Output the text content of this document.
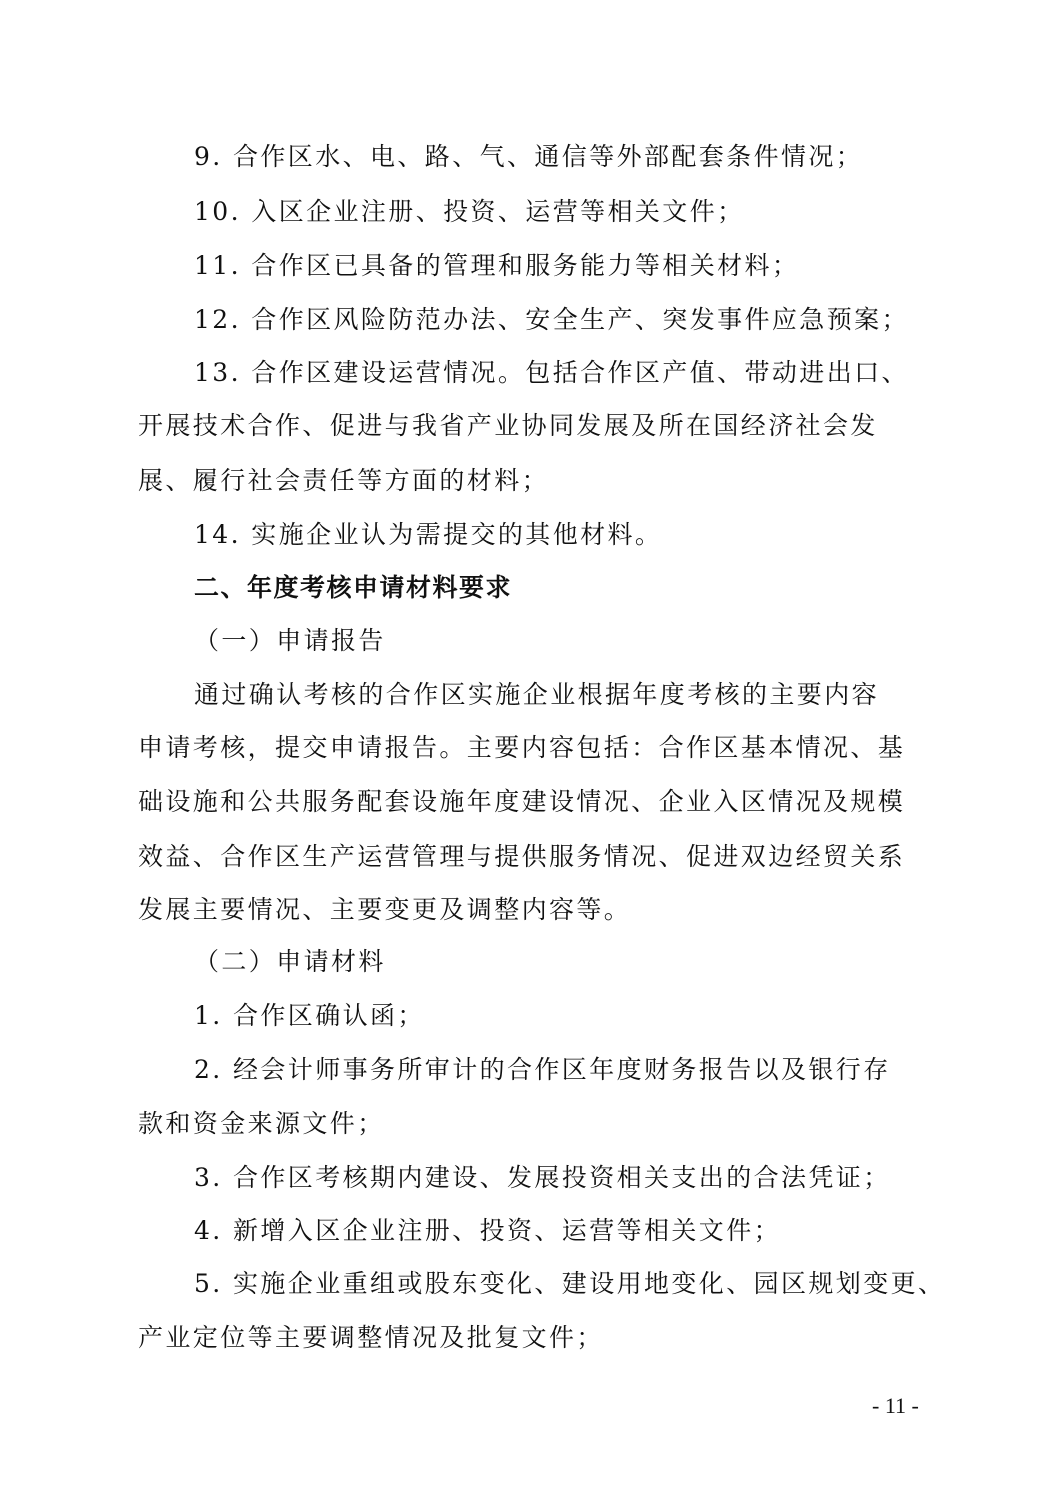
9. 合作区水、电、路、气、通信等外部配套条件情况；
10. 入区企业注册、投资、运营等相关文件；
11. 合作区已具备的管理和服务能力等相关材料；
12. 合作区风险防范办法、安全生产、突发事件应急预案；
13. 合作区建设运营情况。包括合作区产值、带动进出口、
开展技术合作、促进与我省产业协同发展及所在国经济社会发
展、履行社会责任等方面的材料；
14. 实施企业认为需提交的其他材料。
二、年度考核申请材料要求
（一）申请报告
通过确认考核的合作区实施企业根据年度考核的主要内容
申请考核，提交申请报告。主要内容包括：合作区基本情况、基
础设施和公共服务配套设施年度建设情况、企业入区情况及规模
效益、合作区生产运营管理与提供服务情况、促进双边经贸关系
发展主要情况、主要变更及调整内容等。
（二）申请材料
1. 合作区确认函；
2. 经会计师事务所审计的合作区年度财务报告以及银行存
款和资金来源文件；
3. 合作区考核期内建设、发展投资相关支出的合法凭证；
4. 新增入区企业注册、投资、运营等相关文件；
5. 实施企业重组或股东变化、建设用地变化、园区规划变更、
产业定位等主要调整情况及批复文件；
- 11 -
